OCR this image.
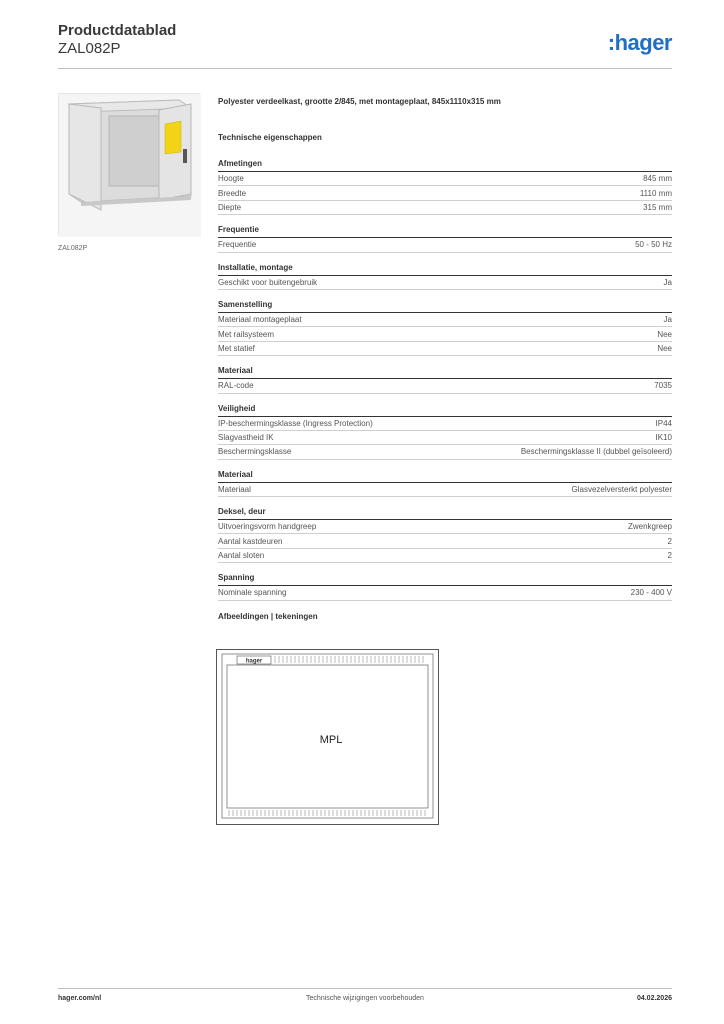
Productdatablad
ZAL082P	:hager
ZAL082P
Polyester verdeelkast, grootte 2/845, met montageplaat, 845x1110x315 mm
Technische eigenschappen
Afmetingen
Hoogte	845 mm
Breedte	1110 mm
Diepte	315 mm
Frequentie
Frequentie	50 - 50 Hz
Installatie, montage
Geschikt voor buitengebruik	Ja
Samenstelling
Materiaal montageplaat	Ja
Met railsysteem	Nee
Met statief	Nee
Materiaal
RAL-code	7035
Veiligheid
IP-beschermingsklasse (Ingress Protection)	IP44
Slagvastheid IK	IK10
Beschermingsklasse	Beschermingsklasse II (dubbel geïsoleerd)
Materiaal
Materiaal	Glasvezelversterkt polyester
Deksel, deur
Uitvoeringsvorm handgreep	Zwenkgreep
Aantal kastdeuren	2
Aantal sloten	2
Spanning
Nominale spanning	230 - 400 V
Afbeeldingen | tekeningen
hager
MPL
hager.com/nl	Technische wijzigingen voorbehouden	04.02.2026
